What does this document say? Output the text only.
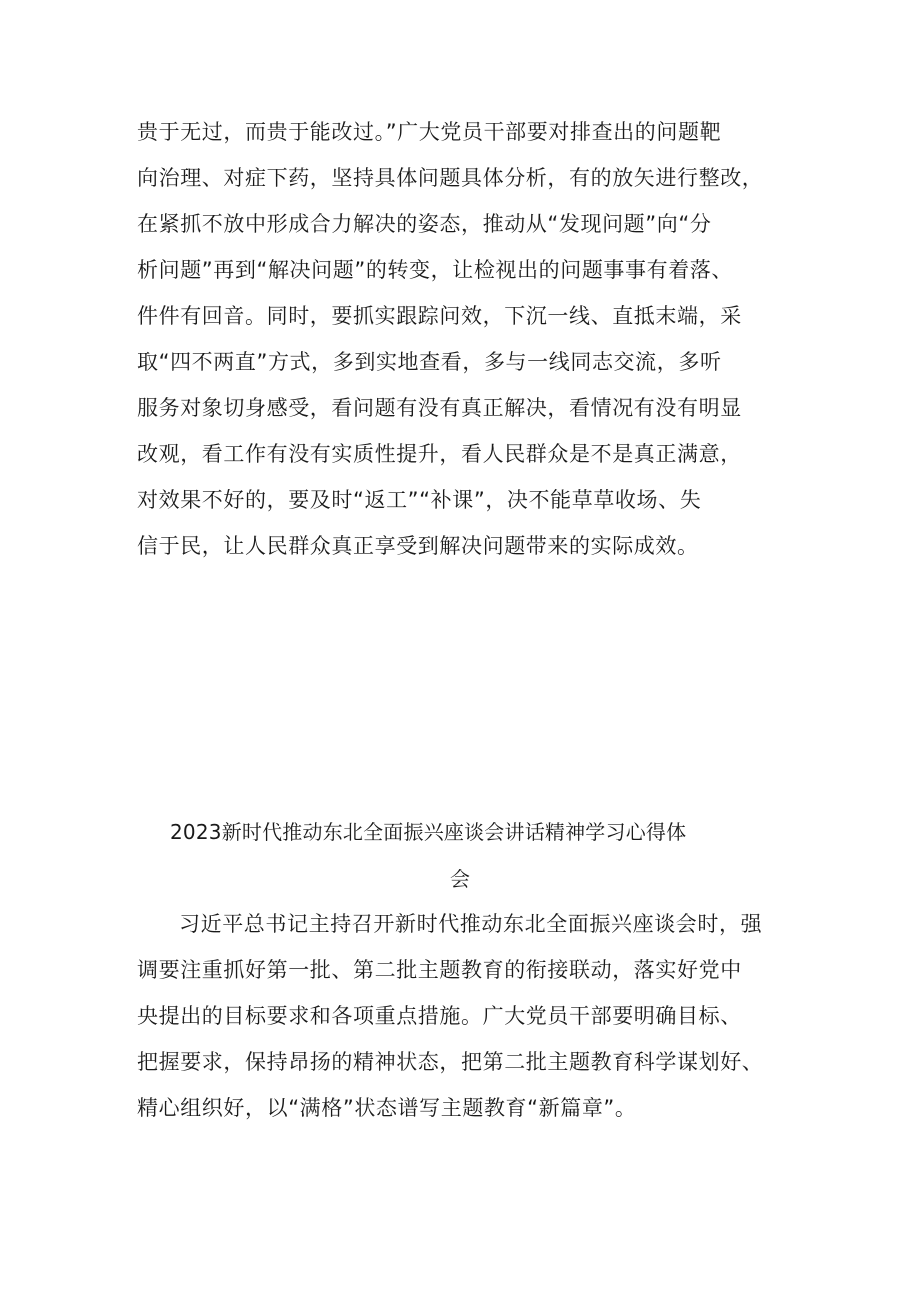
贵于无过，而贵于能改过。”广大党员干部要对排查出的问题靶
向治理、对症下药，坚持具体问题具体分析，有的放矢进行整改，
在紧抓不放中形成合力解决的姿态，推动从“发现问题”向“分
析问题”再到“解决问题”的转变，让检视出的问题事事有着落、
件件有回音。同时，要抓实跟踪问效，下沉一线、直抵末端，采
取“四不两直”方式，多到实地查看，多与一线同志交流，多听
服务对象切身感受，看问题有没有真正解决，看情况有没有明显
改观，看工作有没有实质性提升，看人民群众是不是真正满意，
对效果不好的，要及时“返工”“补课”，决不能草草收场、失
信于民，让人民群众真正享受到解决问题带来的实际成效。
2023新时代推动东北全面振兴座谈会讲话精神学习心得体
会
习近平总书记主持召开新时代推动东北全面振兴座谈会时，强
调要注重抓好第一批、第二批主题教育的衔接联动，落实好党中
央提出的目标要求和各项重点措施。广大党员干部要明确目标、
把握要求，保持昂扬的精神状态，把第二批主题教育科学谋划好、
精心组织好，以“满格”状态谱写主题教育“新篇章”。
